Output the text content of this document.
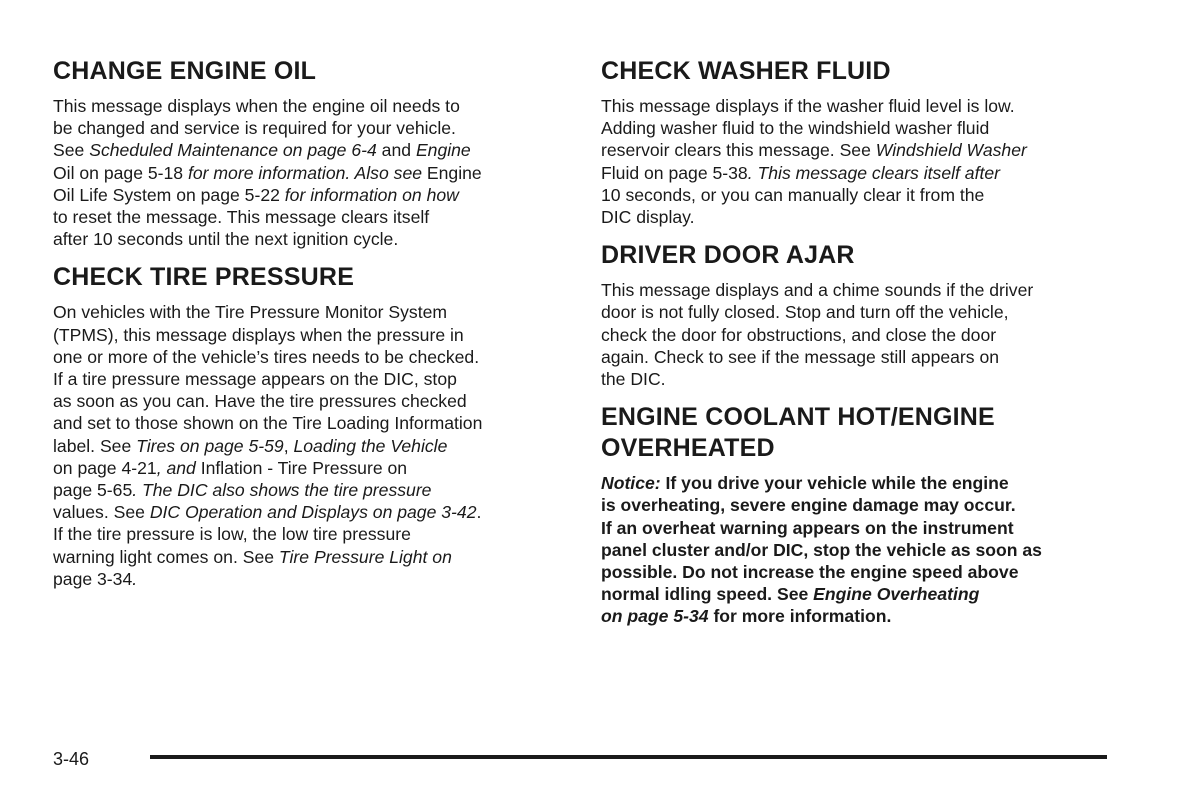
CHANGE ENGINE OIL
This message displays when the engine oil needs to
be changed and service is required for your vehicle.
See Scheduled Maintenance on page 6-4 and Engine
Oil on page 5-18 for more information. Also see Engine
Oil Life System on page 5-22 for information on how
to reset the message. This message clears itself
after 10 seconds until the next ignition cycle.
CHECK TIRE PRESSURE
On vehicles with the Tire Pressure Monitor System
(TPMS), this message displays when the pressure in
one or more of the vehicle’s tires needs to be checked.
If a tire pressure message appears on the DIC, stop
as soon as you can. Have the tire pressures checked
and set to those shown on the Tire Loading Information
label. See Tires on page 5-59, Loading the Vehicle
on page 4-21, and Inflation - Tire Pressure on
page 5-65. The DIC also shows the tire pressure
values. See DIC Operation and Displays on page 3-42.
If the tire pressure is low, the low tire pressure
warning light comes on. See Tire Pressure Light on
page 3-34.
CHECK WASHER FLUID
This message displays if the washer fluid level is low.
Adding washer fluid to the windshield washer fluid
reservoir clears this message. See Windshield Washer
Fluid on page 5-38. This message clears itself after
10 seconds, or you can manually clear it from the
DIC display.
DRIVER DOOR AJAR
This message displays and a chime sounds if the driver
door is not fully closed. Stop and turn off the vehicle,
check the door for obstructions, and close the door
again. Check to see if the message still appears on
the DIC.
ENGINE COOLANT HOT/ENGINE
OVERHEATED
Notice: If you drive your vehicle while the engine
is overheating, severe engine damage may occur.
If an overheat warning appears on the instrument
panel cluster and/or DIC, stop the vehicle as soon as
possible. Do not increase the engine speed above
normal idling speed. See Engine Overheating
on page 5-34 for more information.
3-46
